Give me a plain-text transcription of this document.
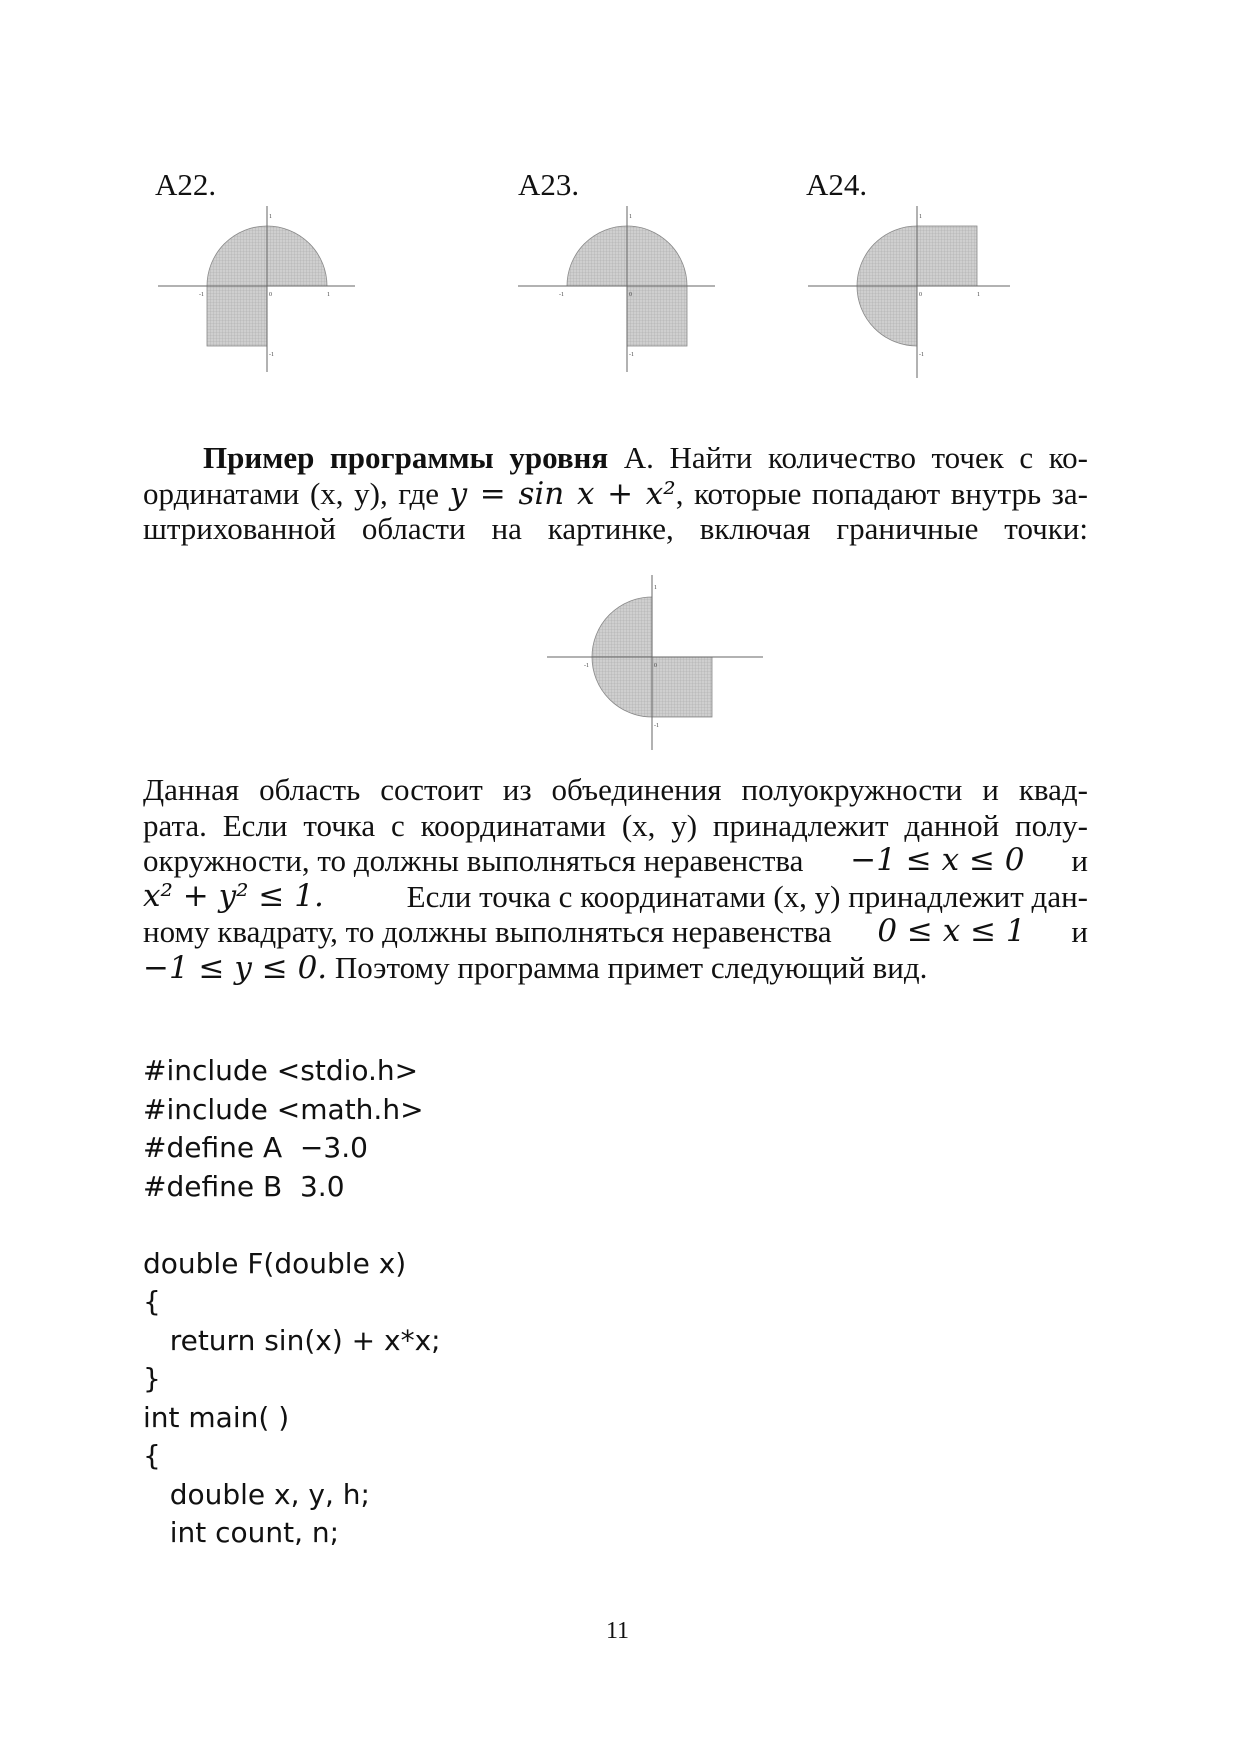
A22.	A23.	A24.
1
1
-1	0
-1
1
-1	0
-1
1
1
0
-1
Пример программы уровня А. Найти количество точек с ко-
ординатами (x, y), где y = sin x + x², которые попадают внутрь за-
штрихованной области на картинке, включая граничные точки:
1
-1	0
-1
Данная область состоит из объединения полуокружности и квад-
рата. Если точка с координатами (x, y) принадлежит данной полу-
окружности, то должны выполняться неравенства −1 ≤ x ≤ 0 и
x² + y² ≤ 1.	Если точка с координатами (x, y) принадлежит дан-
ному квадрату, то должны выполняться неравенства 0 ≤ x ≤ 1 и
−1 ≤ y ≤ 0. Поэтому программа примет следующий вид.
#include <stdio.h>
#include <math.h>
#define A  −3.0
#define B  3.0
double F(double x)
{
return sin(x) + x*x;
}
int main( )
{
double x, y, h;
int count, n;
11
